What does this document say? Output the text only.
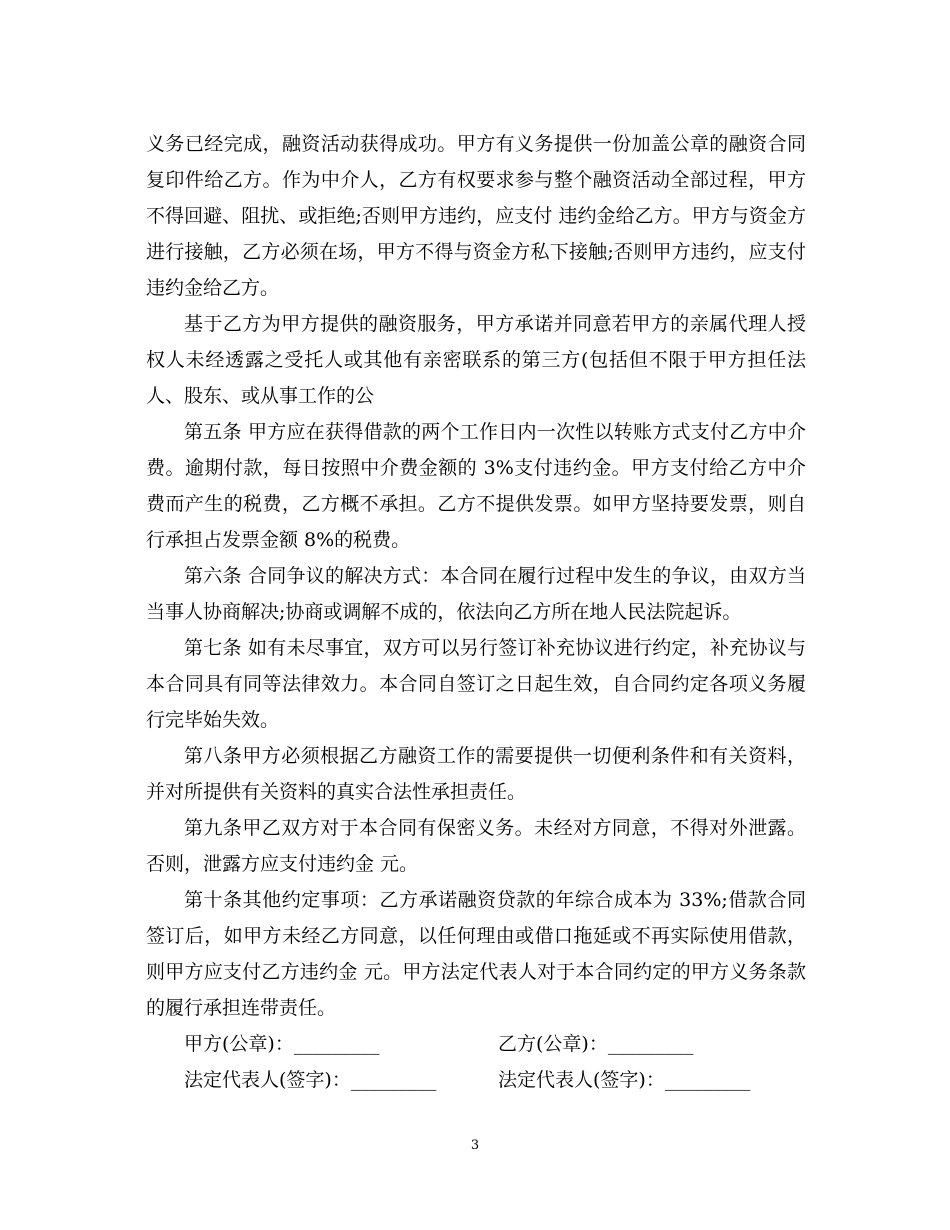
义务已经完成，融资活动获得成功。甲方有义务提供一份加盖公章的融资合同复印件给乙方。作为中介人，乙方有权要求参与整个融资活动全部过程，甲方不得回避、阻扰、或拒绝;否则甲方违约，应支付 违约金给乙方。甲方与资金方进行接触，乙方必须在场，甲方不得与资金方私下接触;否则甲方违约，应支付 违约金给乙方。

基于乙方为甲方提供的融资服务，甲方承诺并同意若甲方的亲属代理人授权人未经透露之受托人或其他有亲密联系的第三方(包括但不限于甲方担任法人、股东、或从事工作的公

第五条 甲方应在获得借款的两个工作日内一次性以转账方式支付乙方中介费。逾期付款，每日按照中介费金额的 3%支付违约金。甲方支付给乙方中介费而产生的税费，乙方概不承担。乙方不提供发票。如甲方坚持要发票，则自行承担占发票金额 8%的税费。

第六条 合同争议的解决方式：本合同在履行过程中发生的争议，由双方当当事人协商解决;协商或调解不成的，依法向乙方所在地人民法院起诉。

第七条 如有未尽事宜，双方可以另行签订补充协议进行约定，补充协议与本合同具有同等法律效力。本合同自签订之日起生效，自合同约定各项义务履行完毕始失效。

第八条甲方必须根据乙方融资工作的需要提供一切便利条件和有关资料，并对所提供有关资料的真实合法性承担责任。

第九条甲乙双方对于本合同有保密义务。未经对方同意，不得对外泄露。否则，泄露方应支付违约金 元。

第十条其他约定事项：乙方承诺融资贷款的年综合成本为 33%;借款合同签订后，如甲方未经乙方同意，以任何理由或借口拖延或不再实际使用借款，则甲方应支付乙方违约金 元。甲方法定代表人对于本合同约定的甲方义务条款的履行承担连带责任。

甲方(公章)：_________	乙方(公章)：_________
法定代表人(签字)：_________	法定代表人(签字)：_________
3
